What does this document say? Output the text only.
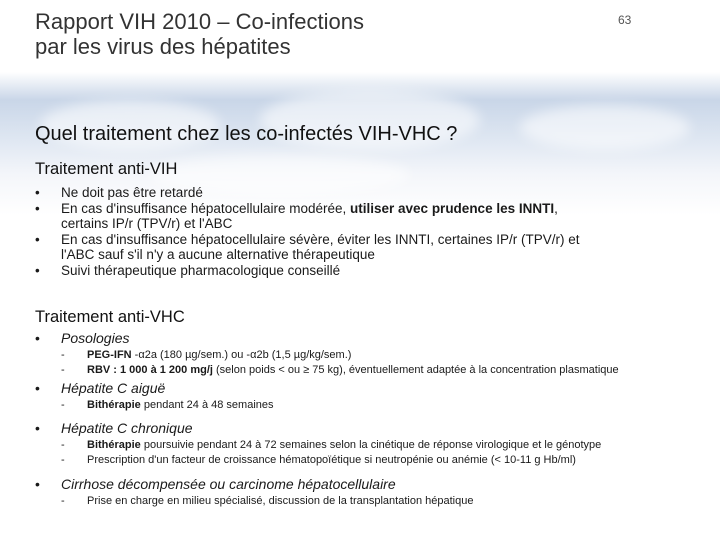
Rapport VIH 2010 – Co-infections
par les virus des hépatites
63
Quel traitement chez les co-infectés VIH-VHC ?
Traitement anti-VIH
• Ne doit pas être retardé
• En cas d'insuffisance hépatocellulaire modérée, utiliser avec prudence les INNTI, certains IP/r (TPV/r) et l'ABC
• En cas d'insuffisance hépatocellulaire sévère, éviter les INNTI, certaines IP/r (TPV/r) et l'ABC sauf s'il n'y a aucune alternative thérapeutique
• Suivi thérapeutique pharmacologique conseillé
Traitement anti-VHC
• Posologies
- PEG-IFN -α2a (180 µg/sem.) ou -α2b (1,5 µg/kg/sem.)
- RBV : 1 000 à 1 200 mg/j (selon poids < ou ≥ 75 kg), éventuellement adaptée à la concentration plasmatique
• Hépatite C aiguë
- Bithérapie pendant 24 à 48 semaines
• Hépatite C chronique
- Bithérapie poursuivie pendant 24 à 72 semaines selon la cinétique de réponse virologique et le génotype
- Prescription d'un facteur de croissance hématopoïétique si neutropénie ou anémie (< 10-11 g Hb/ml)
• Cirrhose décompensée ou carcinome hépatocellulaire
- Prise en charge en milieu spécialisé, discussion de la transplantation hépatique
